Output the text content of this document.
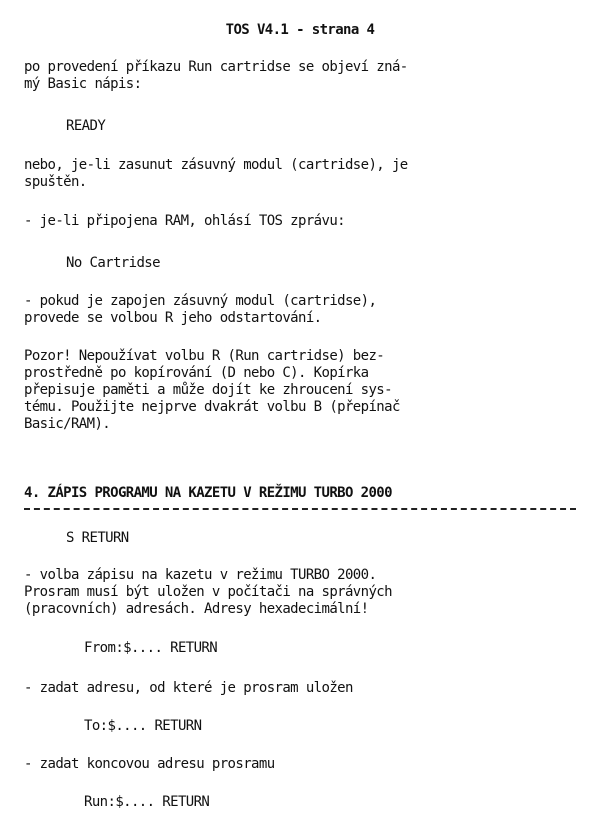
TOS V4.1 - strana 4
po provedení příkazu Run cartridse se objeví zná-
mý Basic nápis:
READY
nebo, je-li zasunut zásuvný modul (cartridse), je
spuštěn.
- je-li připojena RAM, ohlásí TOS zprávu:
No Cartridse
- pokud je zapojen zásuvný modul (cartridse),
provede se volbou R jeho odstartování.
Pozor! Nepoužívat volbu R (Run cartridse) bez-
prostředně po kopírování (D nebo C). Kopírka
přepisuje paměti a může dojít ke zhroucení sys-
tému. Použijte nejprve dvakrát volbu B (přepínač
Basic/RAM).
4. ZÁPIS PROGRAMU NA KAZETU V REŽIMU TURBO 2000
S RETURN
- volba zápisu na kazetu v režimu TURBO 2000.
Prosram musí být uložen v počítači na správných
(pracovních) adresách. Adresy hexadecimální!
From:$.... RETURN
- zadat adresu, od které je prosram uložen
To:$.... RETURN
- zadat koncovou adresu prosramu
Run:$.... RETURN
